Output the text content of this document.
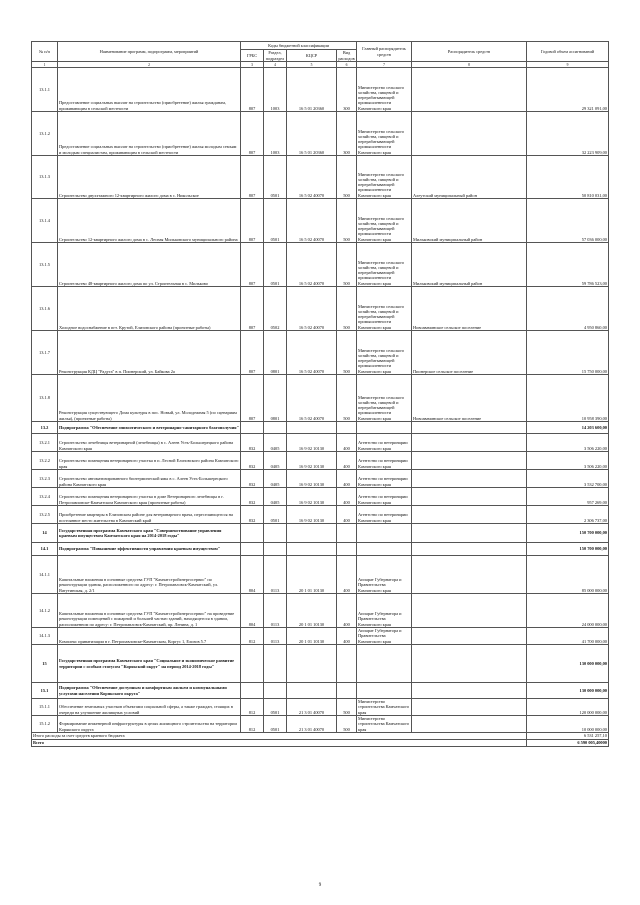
№ п/п	Наименование программ, подпрограмм, мероприятий	Коды бюджетной классификации				Главный распорядитель средств	Распорядитель средств	Годовой объем ассигнований
		ГРБС	Раздел, подраздел	КЦСР	Вид расходов			
1	2	3	4	5	6	7	8	9
13.1.1	Предоставление социальных выплат на строительство (приобретение) жилья гражданам, проживающим в сельской местности	807	1003	16 5 01 20360	300	Министерство сельского хозяйства, пищевой и перерабатывающей промышленности Камчатского края		29 321 091,00
13.1.2	Предоставление социальных выплат на строительство (приобретение) жилья молодым семьям и молодым специалистам, проживающим в сельской местности	807	1003	16 5 01 20360	300	Министерство сельского хозяйства, пищевой и перерабатывающей промышленности Камчатского края		32 223 909,00
13.1.3	Строительство двухэтажного 12-квартирного жилого дома в с. Никольское	807	0501	16 5 02 40070	500	Министерство сельского хозяйства, пищевой и перерабатывающей промышленности Камчатского края	Алеутский муниципальный район	50 810 031,00
13.1.4	Строительство 12-квартирного жилого дома в с. Лесная Мильковского муниципального района	807	0501	16 5 02 40070	500	Министерство сельского хозяйства, пищевой и перерабатывающей промышленности Камчатского края	Мильковский муниципальный район	57 036 000,00
13.1.5	Строительство 48-квартирного жилого дома по ул. Строительная в с. Мильково	807	0501	16 5 02 40070	500	Министерство сельского хозяйства, пищевой и перерабатывающей промышленности Камчатского края	Мильковский муниципальный район	59 786 523,00
13.1.6	Холодное водоснабжение в пгт. Крутой, Елизовского района (проектные работы)	807	0502	16 5 02 40070	500	Министерство сельского хозяйства, пищевой и перерабатывающей промышленности Камчатского края	Новоавачинское сельское поселение	4 950 860,00
13.1.7	Реконструкция КДЦ "Радуга" в п. Пионерский, ул. Байкова 2а	807	0801	16 5 02 40070	500	Министерство сельского хозяйства, пищевой и перерабатывающей промышленности Камчатского края	Пионерское сельское поселение	15 750 000,00
13.1.8	Реконструкция существующего Дома культуры в пос. Новый, ул. Молодежная 5 (по сценариям жилья), (проектные работы)	807	0801	16 5 02 40070	500	Министерство сельского хозяйства, пищевой и перерабатывающей промышленности Камчатского края	Новоавачинское сельское поселение	10 958 390,00
13.2	Подпрограмма "Обеспечение эпизоотического и ветеринарно-санитарного благополучия"							14 203 600,00
13.2.1	Строительство лечебницы ветеринарной (лечебницы) в с. Алеев Усть-Большерецкого района Камчатского края	832	0405	16 9 02 10130	400	Агентство по ветеринарии Камчатского края		3 506 220,00
13.2.2	Строительство помещения ветеринарного участка в п. Лесной Елизовского района Камчатского края	832	0405	16 9 02 10130	400	Агентство по ветеринарии Камчатского края		3 506 220,00
13.2.3	Строительство автоматизированного биотермической ямы в с. Алеев Усть-Большерецкого района Камчатского края	832	0405	16 9 02 10130	400	Агентство по ветеринарии Камчатского края		3 532 700,00
13.2.4	Строительство помещения ветеринарного участка в доме Ветеринарного лечебницы в г. Петропавловске-Камчатском Камчатского края (проектные работы)	832	0405	16 9 02 10130	400	Агентство по ветеринарии Камчатского края		957 269,00
13.2.5	Приобретение квартиры в Елизовском районе для ветеринарного врача, переселяющегося на постоянное место жительства в Камчатский край	832	0501	16 9 02 10130	400	Агентство по ветеринарии Камчатского края		2 306 737,00
14	Государственная программа Камчатского края "Совершенствование управления краевым имуществом Камчатского края на 2014-2018 годы"							150 700 000,00
14.1	Подпрограмма "Повышение эффективности управления краевым имуществом"							150 700 000,00
14.1.1	Капитальные вложения в основные средства ГУП "Камчатстройэнергосервис" по реконструкции здания, расположенного по адресу: г. Петропавловск-Камчатский, ул. Ватутинская, д. 2/1	804	0113	20 1 01 10130	400	Аппарат Губернатора и Правительства Камчатского края		85 000 000,00
14.1.2	Капитальные вложения в основные средства ГУП "Камчатстройэнергосервис" на проведение реконструкции помещений с пожарной и большей частью зданий, находящегося в здании, расположенном по адресу: г. Петропавловск-Камчатский, пр. Ленина, д. 1	804	0113	20 1 01 10130	400	Аппарат Губернатора и Правительства Камчатского края		24 000 000,00
14.1.3	Комплекс приватизации в г. Петропавловске-Камчатском, Коргус 1, Елизов 5.7	812	0113	20 1 01 10130	400	Аппарат Губернатора и Правительства Камчатского края		41 700 000,00
15	Государственная программа Камчатского края "Социальное и экономическое развитие территории с особым статусом "Корякский округ" на период 2014-2018 годы"							130 000 000,00
15.1	Подпрограмма "Обеспечение доступным и комфортным жильем и коммунальными услугами населения Корякского округа"							130 000 000,00
15.1.1	Обеспечение земельных участков объектами социальной сферы, а также граждан, стоящих в очереди на улучшение жилищных условий	812	0501	21 3 01 40070	500	Министерство строительства Камчатского края		120 000 000,00
15.1.2	Формирование инженерной инфраструктуры в целях жилищного строительства на территории Корякского округа	812	0501	21 3 01 40070	500	Министерство строительства Камчатского края		10 000 000,00
Итого расходы за счет средств краевого бюджета								6 531 257,10
Всего								6 590 005,40000
9
